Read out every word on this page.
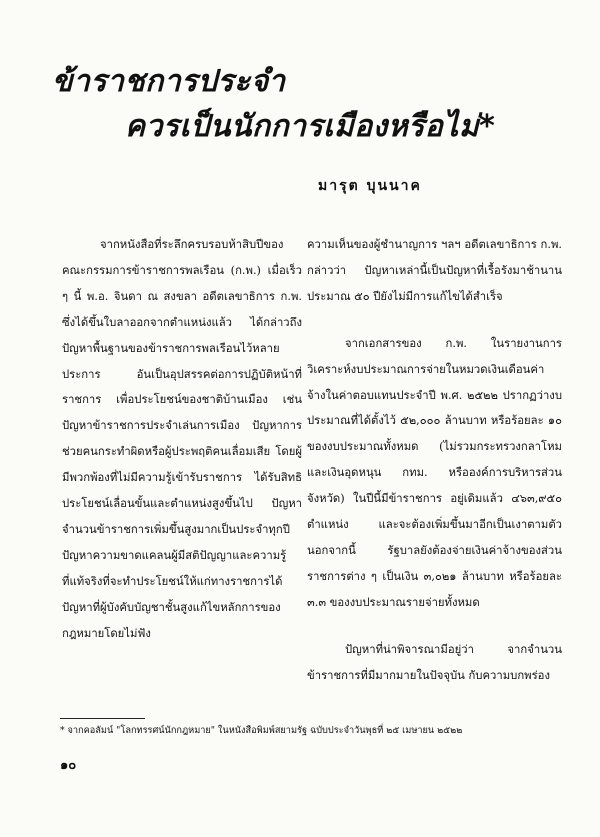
ข้าราชการประจำ
ควรเป็นนักการเมืองหรือไม่*
มารุต บุนนาค

จากหนังสือที่ระลึกครบรอบห้าสิบปีของคณะกรรมการข้าราชการพลเรือน (ก.พ.) เมื่อเร็ว ๆ นี้ พ.อ. จินดา ณ สงขลา อดีตเลขาธิการ ก.พ. ซึ่งได้ขึ้นใบลาออกจากตำแหน่งแล้ว ได้กล่าวถึงปัญหาพื้นฐานของข้าราชการพลเรือนไว้หลายประการ อันเป็นอุปสรรคต่อการปฏิบัติหน้าที่ราชการ เพื่อประโยชน์ของชาติบ้านเมือง เช่น ปัญหาข้าราชการประจำเล่นการเมือง ปัญหาการช่วยคนกระทำผิดหรือผู้ประพฤติคนเลื่อมเสีย โดยผู้มีพวกพ้องที่ไม่มีความรู้เข้ารับราชการ ได้รับสิทธิประโยชน์เลื่อนขั้นและตำแหน่งสูงขึ้นไป ปัญหาจำนวนข้าราชการเพิ่มขึ้นสูงมากเป็นประจำทุกปี ปัญหาความขาดแคลนผู้มีสติปัญญาและความรู้ที่แท้จริงที่จะทำประโยชน์ให้แก่ทางราชการได้ ปัญหาที่ผู้บังคับบัญชาชั้นสูงแก้ไขหลักการของกฎหมายโดยไม่ฟัง

ความเห็นของผู้ชำนาญการ ฯลฯ อดีตเลขาธิการ ก.พ. กล่าวว่า ปัญหาเหล่านี้เป็นปัญหาที่เรื้อรังมาช้านานประมาณ ๕๐ ปียังไม่มีการแก้ไขได้สำเร็จ

จากเอกสารของ ก.พ. ในรายงานการวิเคราะห์งบประมาณการจ่ายในหมวดเงินเดือนค่าจ้างในค่าตอบแทนประจำปี พ.ศ. ๒๕๒๒ ปรากฏว่างบประมาณที่ได้ตั้งไว้ ๕๒,๐๐๐ ล้านบาท หรือร้อยละ ๑๐ ของงบประมาณทั้งหมด (ไม่รวมกระทรวงกลาโหม และเงินอุดหนุน กทม. หรือองค์การบริหารส่วนจังหวัด) ในปีนี้มีข้าราชการ อยู่เดิมแล้ว ๔๖๓,๙๕๐ ตำแหน่ง และจะต้องเพิ่มขึ้นมาอีกเป็นเงาตามตัว นอกจากนี้ รัฐบาลยังต้องจ่ายเงินค่าจ้างของส่วนราชการต่าง ๆ เป็นเงิน ๓,๐๒๑ ล้านบาท หรือร้อยละ ๓.๓ ของงบประมาณรายจ่ายทั้งหมด

ปัญหาที่น่าพิจารณามีอยู่ว่า จากจำนวนข้าราชการที่มีมากมายในปัจจุบัน กับความบกพร่อง

* จากคอลัมน์ "โลกทรรศน์นักกฎหมาย" ในหนังสือพิมพ์สยามรัฐ ฉบับประจำวันพุธที่ ๒๕ เมษายน ๒๕๒๒
๑๐
